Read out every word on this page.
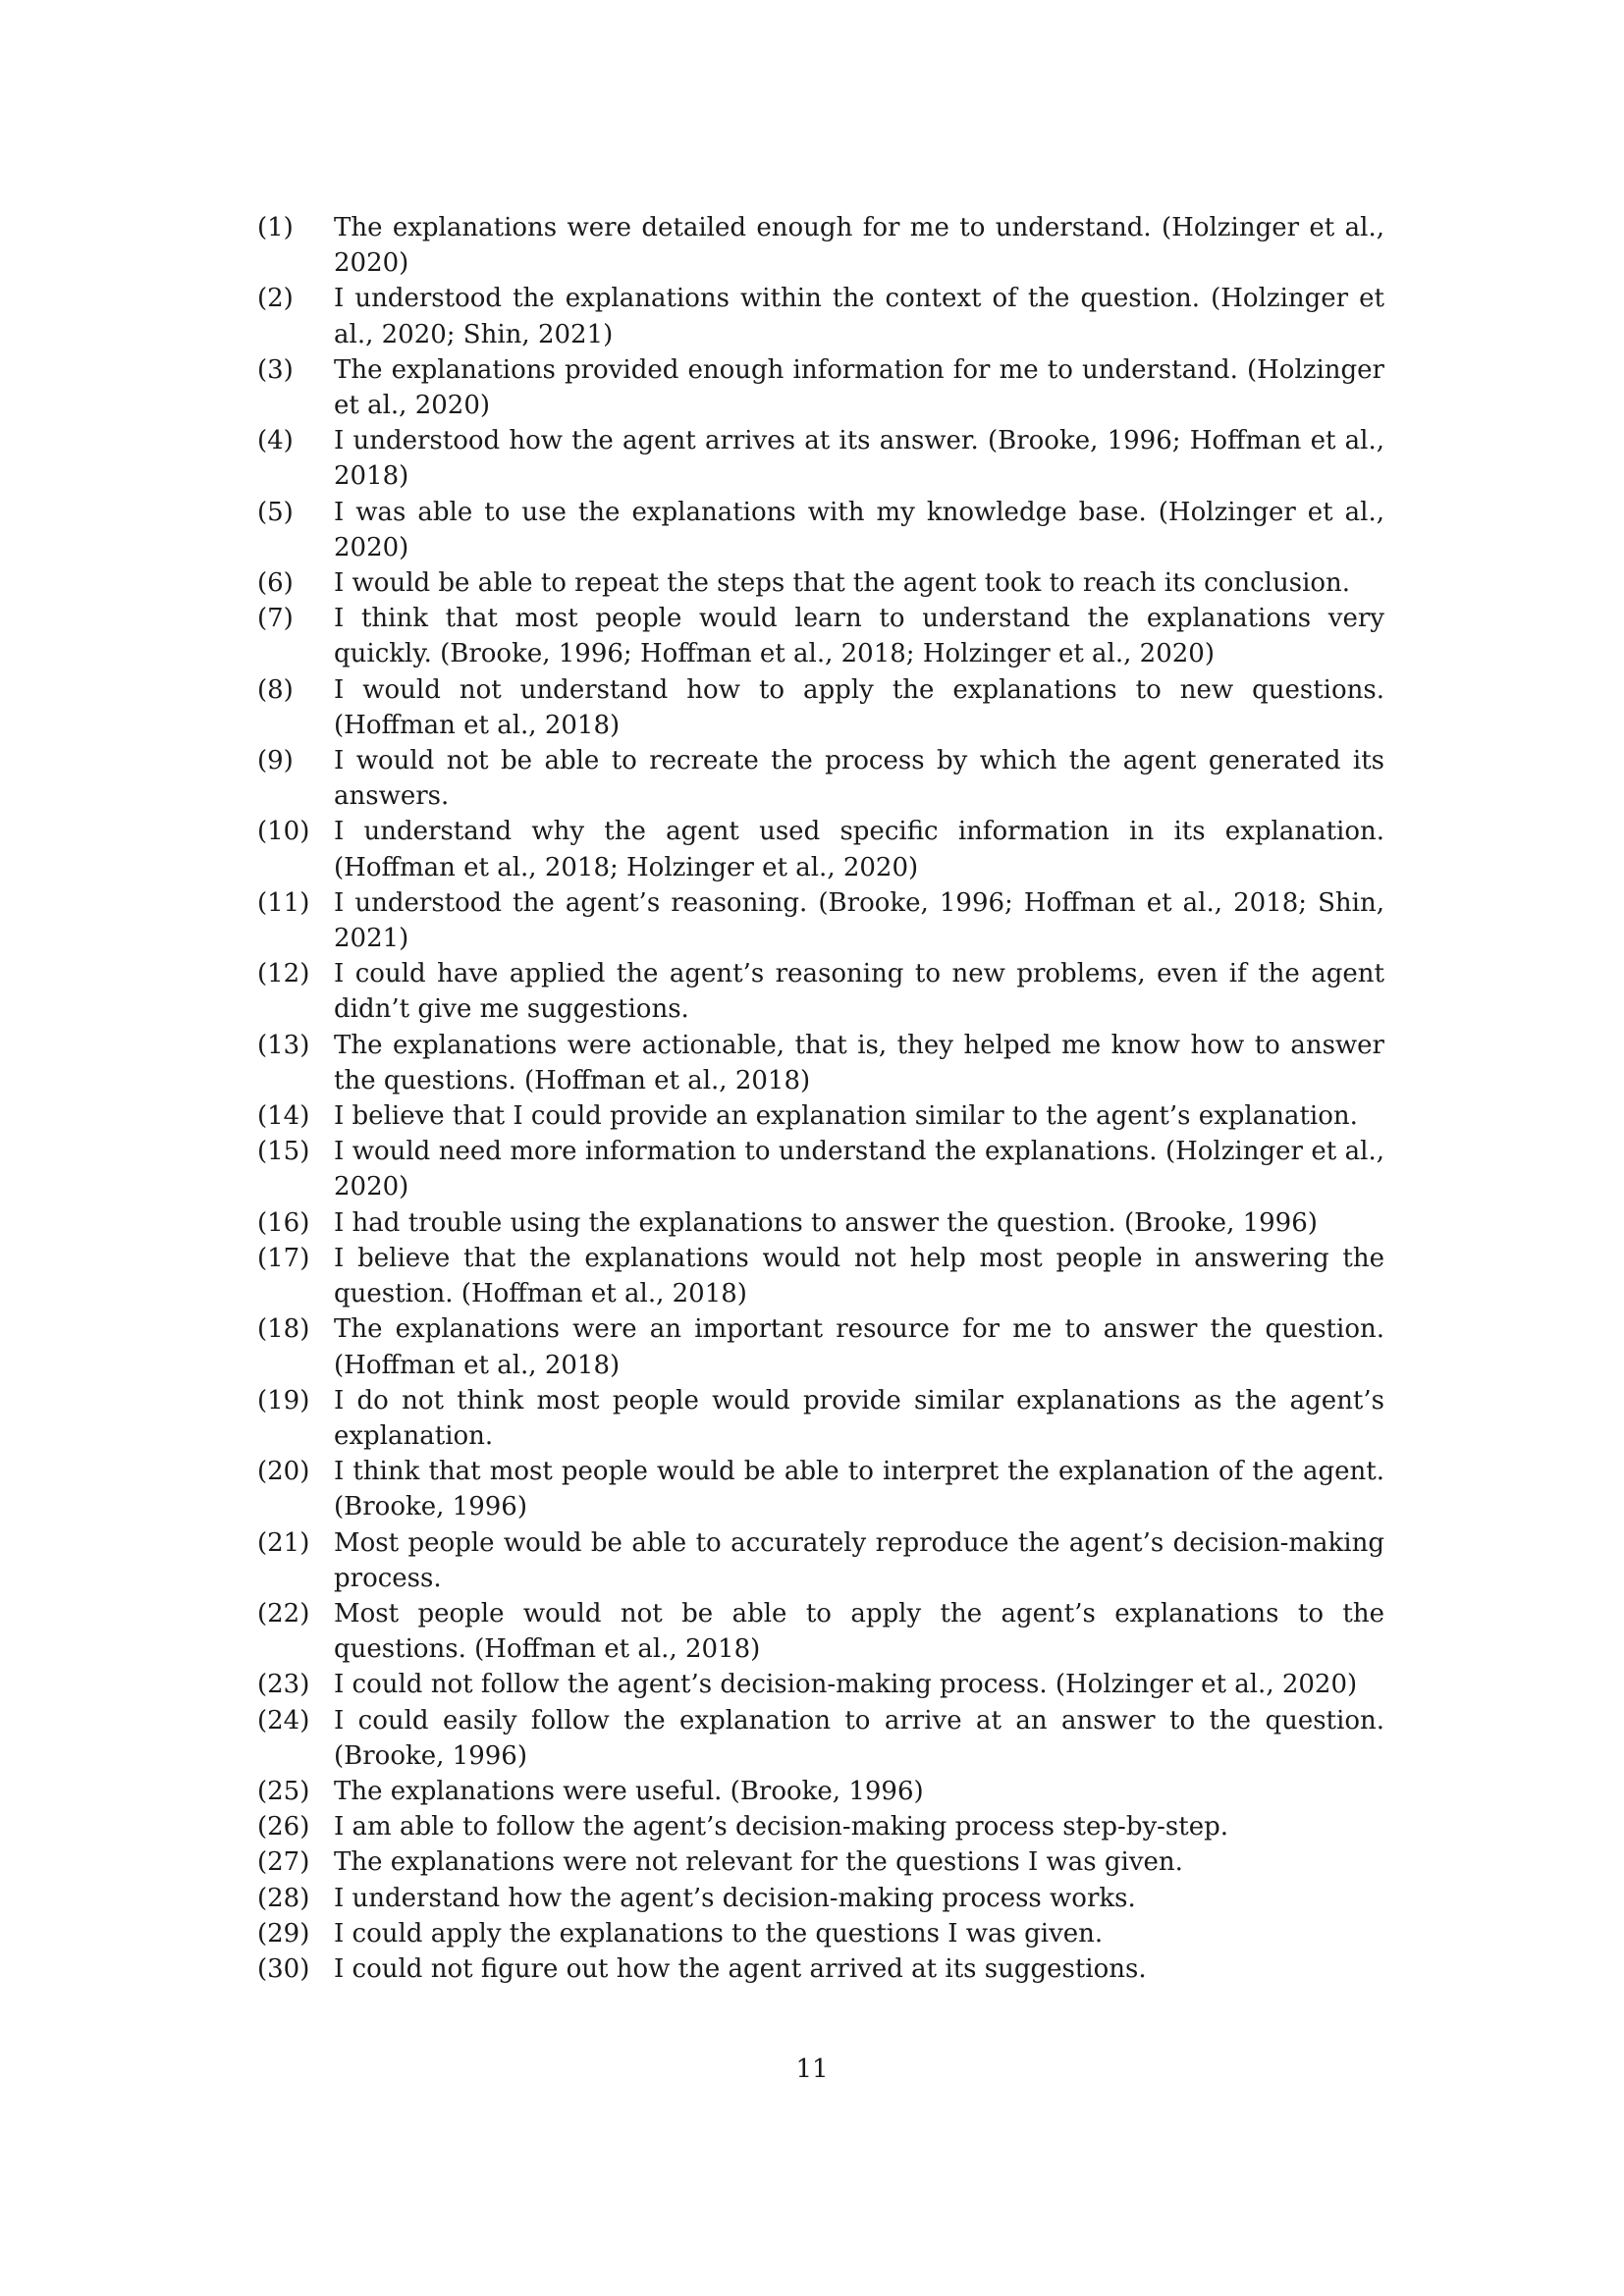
(1)	The explanations were detailed enough for me to understand. (Holzinger et al., 2020)
(2)	I understood the explanations within the context of the question. (Holzinger et al., 2020; Shin, 2021)
(3)	The explanations provided enough information for me to understand. (Holzinger et al., 2020)
(4)	I understood how the agent arrives at its answer. (Brooke, 1996; Hoffman et al., 2018)
(5)	I was able to use the explanations with my knowledge base. (Holzinger et al., 2020)
(6)	I would be able to repeat the steps that the agent took to reach its conclusion.
(7)	I think that most people would learn to understand the explanations very quickly. (Brooke, 1996; Hoffman et al., 2018; Holzinger et al., 2020)
(8)	I would not understand how to apply the explanations to new questions. (Hoffman et al., 2018)
(9)	I would not be able to recreate the process by which the agent generated its answers.
(10) I understand why the agent used specific information in its explanation. (Hoffman et al., 2018; Holzinger et al., 2020)
(11) I understood the agent’s reasoning. (Brooke, 1996; Hoffman et al., 2018; Shin, 2021)
(12) I could have applied the agent’s reasoning to new problems, even if the agent didn’t give me suggestions.
(13) The explanations were actionable, that is, they helped me know how to answer the questions. (Hoffman et al., 2018)
(14) I believe that I could provide an explanation similar to the agent’s explanation.
(15) I would need more information to understand the explanations. (Holzinger et al., 2020)
(16) I had trouble using the explanations to answer the question. (Brooke, 1996)
(17) I believe that the explanations would not help most people in answering the question. (Hoffman et al., 2018)
(18) The explanations were an important resource for me to answer the question. (Hoffman et al., 2018)
(19) I do not think most people would provide similar explanations as the agent’s explanation.
(20) I think that most people would be able to interpret the explanation of the agent. (Brooke, 1996)
(21) Most people would be able to accurately reproduce the agent’s decision-making process.
(22) Most people would not be able to apply the agent’s explanations to the questions. (Hoffman et al., 2018)
(23) I could not follow the agent’s decision-making process. (Holzinger et al., 2020)
(24) I could easily follow the explanation to arrive at an answer to the question. (Brooke, 1996)
(25) The explanations were useful. (Brooke, 1996)
(26) I am able to follow the agent’s decision-making process step-by-step.
(27) The explanations were not relevant for the questions I was given.
(28) I understand how the agent’s decision-making process works.
(29) I could apply the explanations to the questions I was given.
(30) I could not figure out how the agent arrived at its suggestions.
11
